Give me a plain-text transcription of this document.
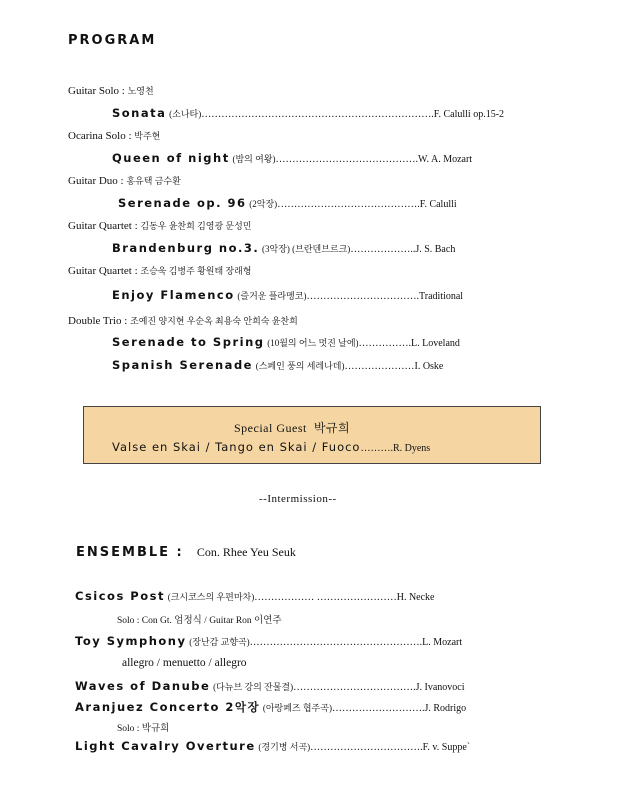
PROGRAM
Guitar Solo : 노영천
Sonata (소나타)…………………………………………………………….F. Calulli op.15-2
Ocarina Solo : 박주현
Queen of night (밤의 여왕)…………………………………….W. A. Mozart
Guitar Duo : 홍유택 금수환
Serenade op. 96 (2악장)…………………………………….F. Calulli
Guitar Quartet : 김동우 윤찬희 김영광 문성민
Brandenburg no.3. (3악장) (브란덴브르크)………………..J. S. Bach
Guitar Quartet : 조승욱 김병주 황원태 장래형
Enjoy Flamenco (즐거운 플라멩코)…………………………….Traditional
Double Trio : 조예진 양지현 우순옥 최용숙 안희숙 윤찬희
Serenade to Spring (10월의 어느 멋진 날에)…………….L. Loveland
Spanish Serenade (스페인 풍의 세레나데)…………………I. Oske
Special Guest 박규희
Valse en Skai / Tango en Skai / Fuoco……….R. Dyens
--Intermission--
ENSEMBLE : Con. Rhee Yeu Seuk
Csicos Post (크시코스의 우편마차)……………… ……………………H. Necke
Solo : Con Gt. 엄정식 / Guitar Ron 이연주
Toy Symphony (장난감 교향곡)…………………………………………….L. Mozart
allegro / menuetto / allegro
Waves of Danube (다뉴브 강의 잔물결)……………………………….J. Ivanovoci
Aranjuez Concerto 2악장 (아랑페즈 협주곡)……………………….J. Rodrigo
Solo : 박규희
Light Cavalry Overture (경기병 서곡)…………………………….F. v. Suppe`
